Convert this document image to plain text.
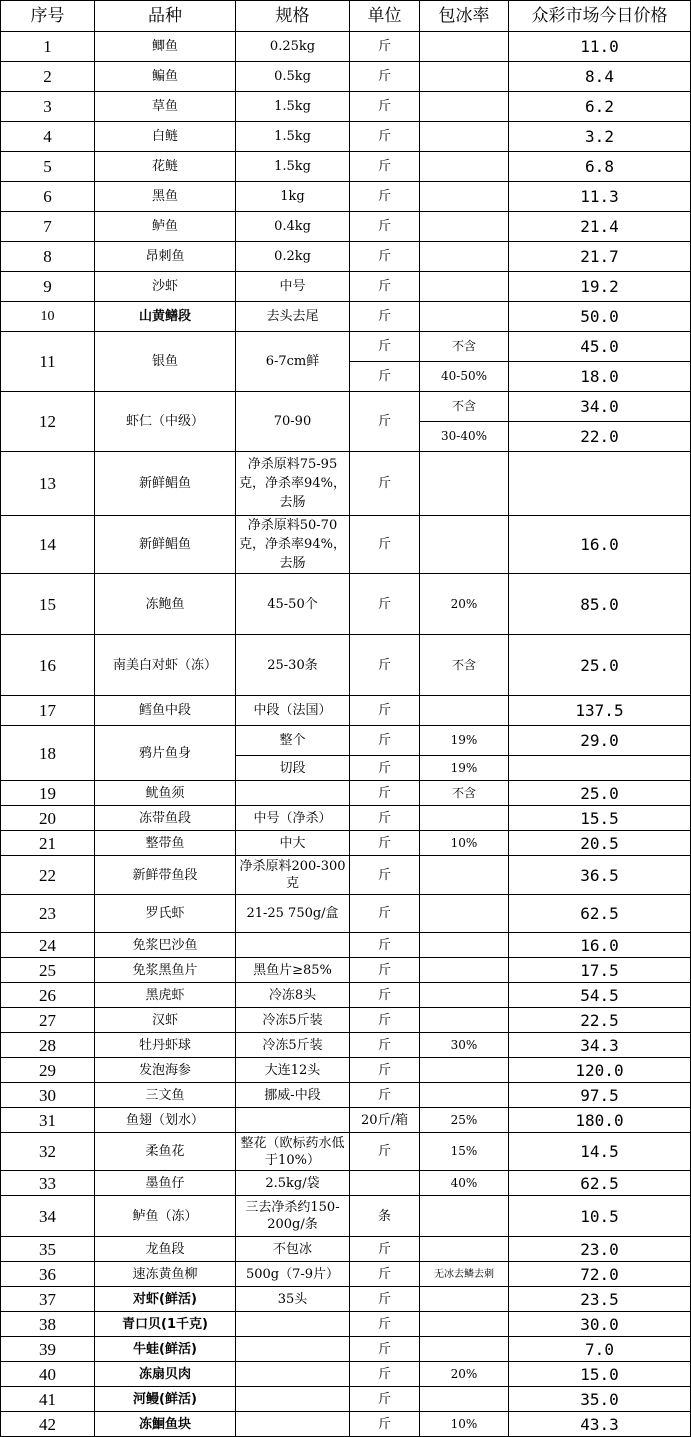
序号	品种	规格	单位	包冰率	众彩市场今日价格
1	鲫鱼	0.25kg	斤		11.0
2	鳊鱼	0.5kg	斤		8.4
3	草鱼	1.5kg	斤		6.2
4	白鲢	1.5kg	斤		3.2
5	花鲢	1.5kg	斤		6.8
6	黑鱼	1kg	斤		11.3
7	鲈鱼	0.4kg	斤		21.4
8	昂刺鱼	0.2kg	斤		21.7
9	沙虾	中号	斤		19.2
10	山黄鳝段	去头去尾	斤		50.0
11	银鱼	6-7cm鲜	斤	不含	45.0
			斤	40-50%	18.0
12	虾仁（中级）	70-90	斤	不含	34.0
				30-40%	22.0
13	新鲜鲳鱼	净杀原料75-95克，净杀率94%，去肠	斤		
14	新鲜鲳鱼	净杀原料50-70克，净杀率94%，去肠	斤		16.0
15	冻鲍鱼	45-50个	斤	20%	85.0
16	南美白对虾（冻）	25-30条	斤	不含	25.0
17	鳕鱼中段	中段（法国）	斤		137.5
18	鸦片鱼身	整个	斤	19%	29.0
		切段	斤	19%	
19	鱿鱼须		斤	不含	25.0
20	冻带鱼段	中号（净杀）	斤		15.5
21	整带鱼	中大	斤	10%	20.5
22	新鲜带鱼段	净杀原料200-300克	斤		36.5
23	罗氏虾	21-25 750g/盒	斤		62.5
24	免浆巴沙鱼		斤		16.0
25	免浆黑鱼片	黑鱼片≥85%	斤		17.5
26	黑虎虾	冷冻8头	斤		54.5
27	汉虾	冷冻5斤装	斤		22.5
28	牡丹虾球	冷冻5斤装	斤	30%	34.3
29	发泡海参	大连12头	斤		120.0
30	三文鱼	挪威-中段	斤		97.5
31	鱼翅（划水）		20斤/箱	25%	180.0
32	柔鱼花	整花（欧标药水低于10%）	斤	15%	14.5
33	墨鱼仔	2.5kg/袋		40%	62.5
34	鲈鱼（冻）	三去净杀约150-200g/条	条		10.5
35	龙鱼段	不包冰	斤		23.0
36	速冻黄鱼柳	500g（7-9片）	斤	无冰去鳞去刺	72.0
37	对虾(鲜活)	35头	斤		23.5
38	青口贝(1千克)		斤		30.0
39	牛蛙(鲜活)		斤		7.0
40	冻扇贝肉		斤	20%	15.0
41	河鳗(鲜活)		斤		35.0
42	冻鮰鱼块		斤	10%	43.3
